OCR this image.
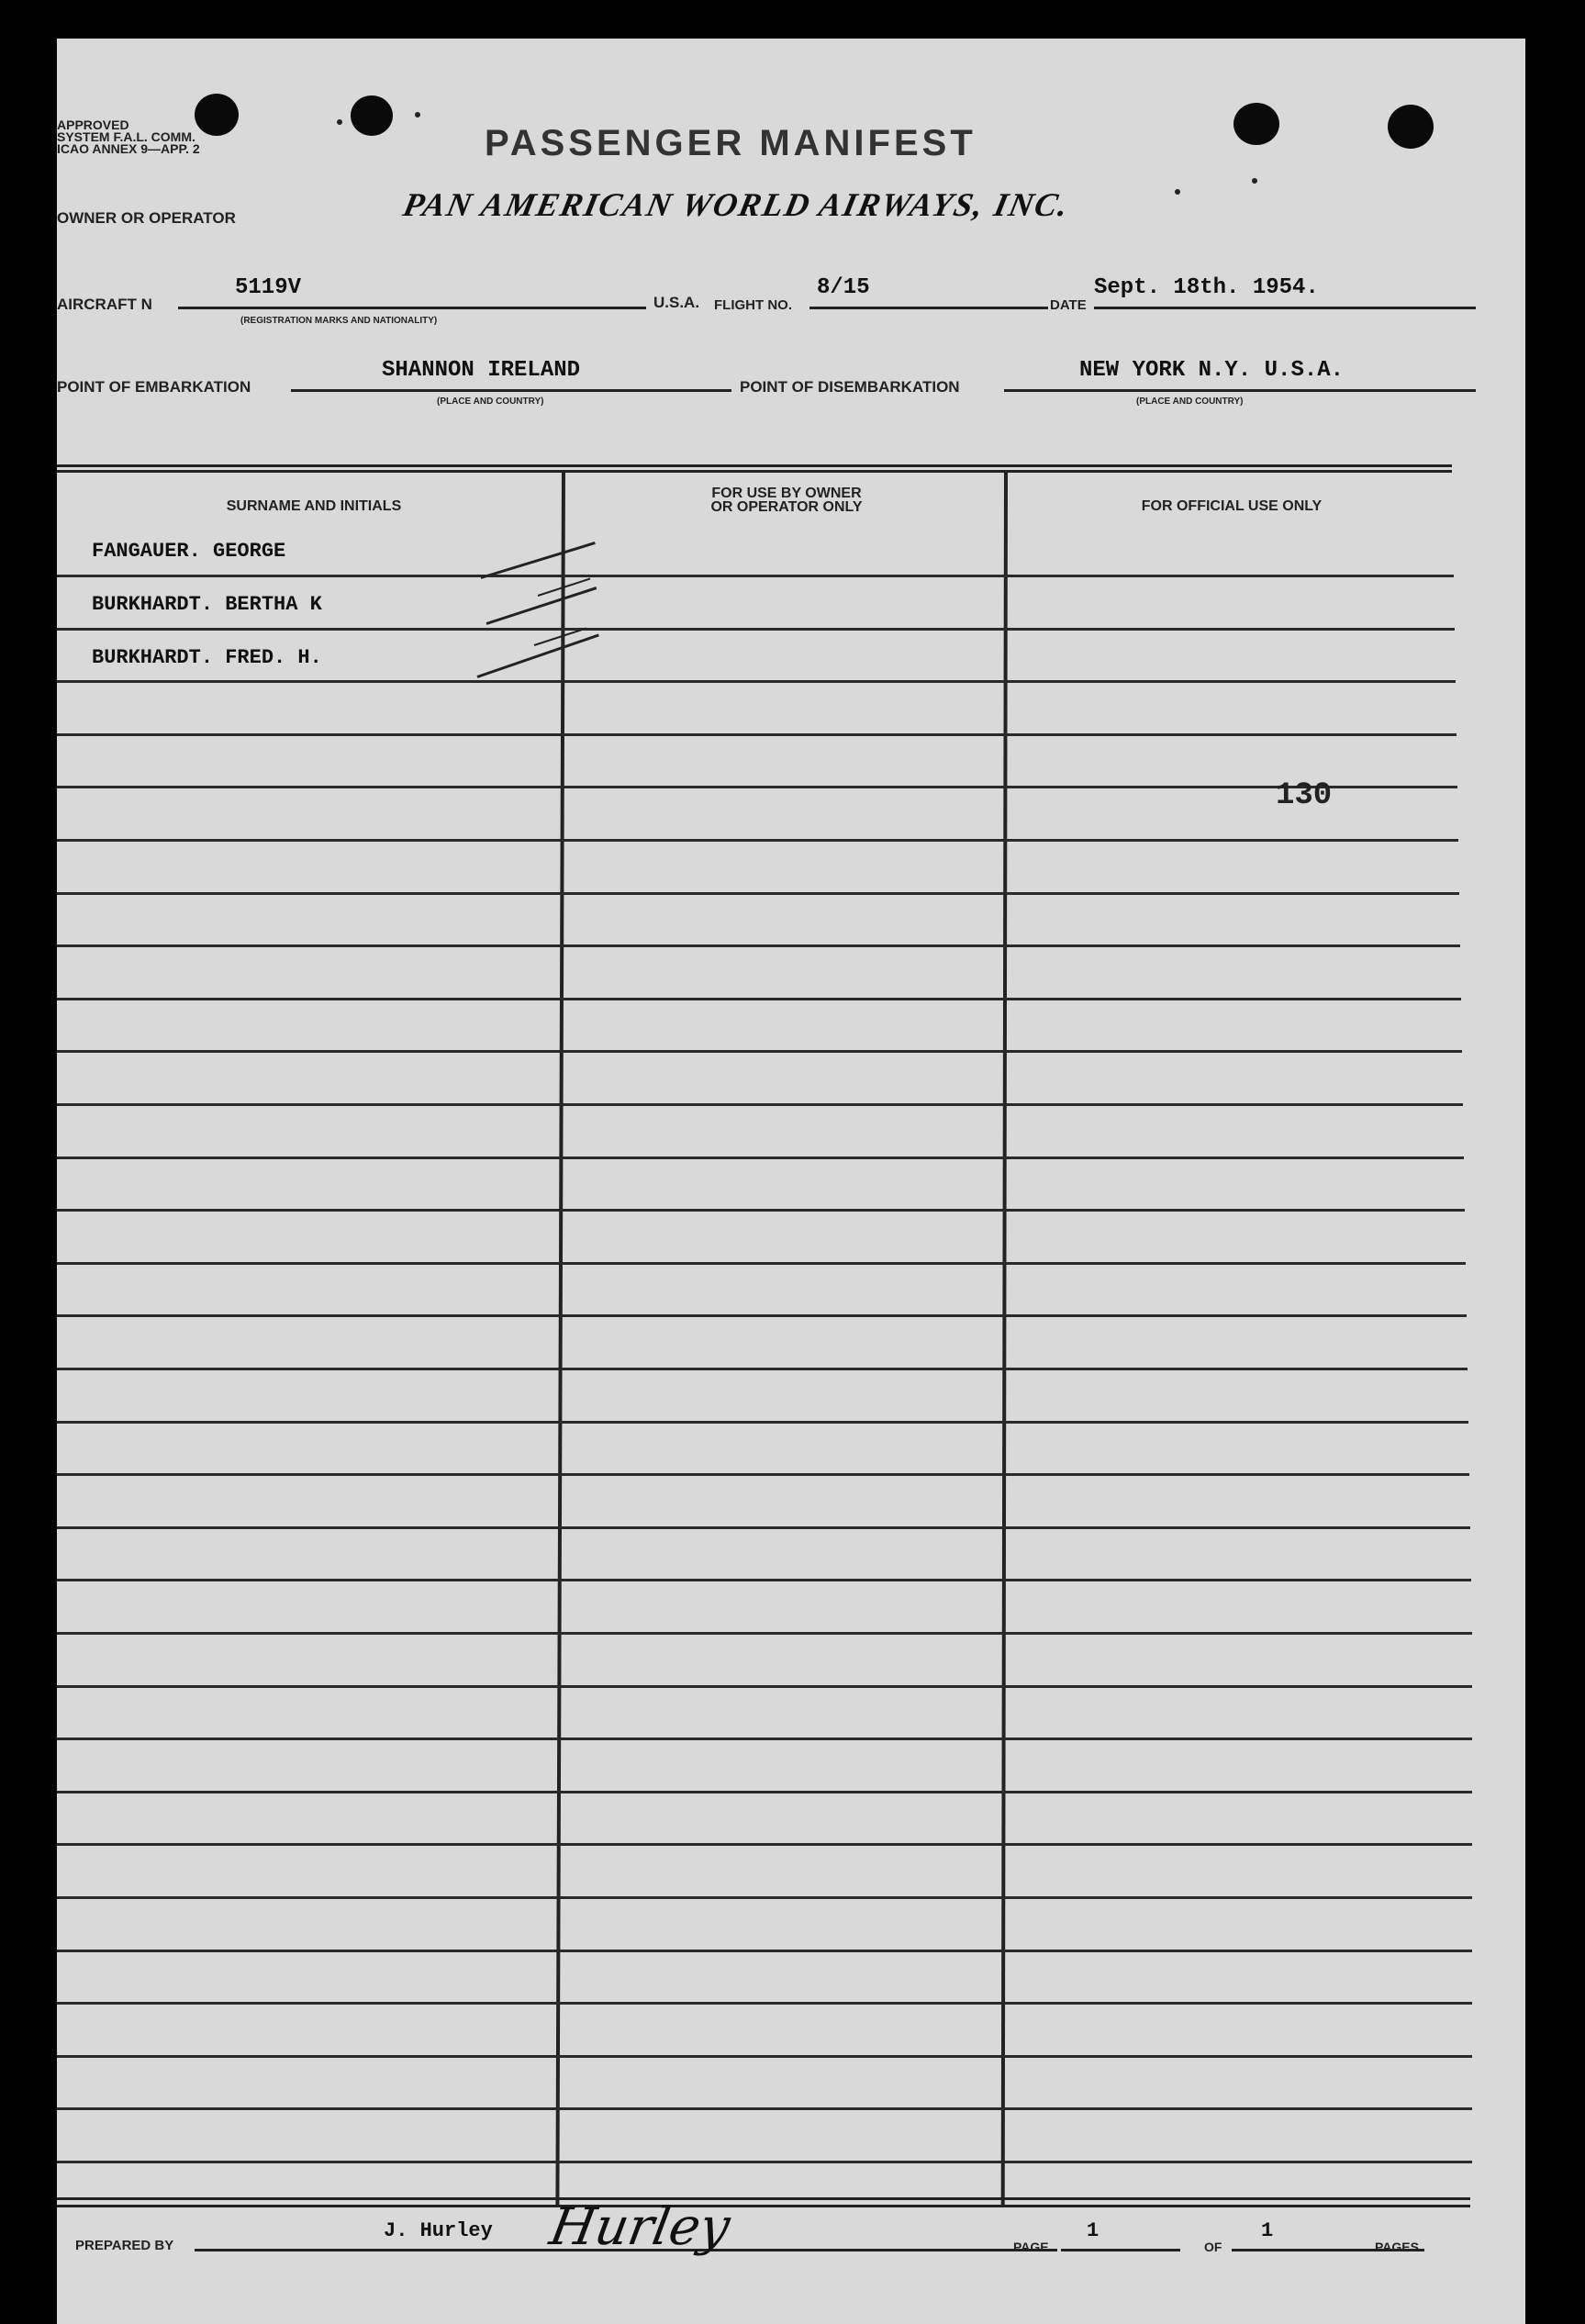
APPROVED
SYSTEM F.A.L. COMM.
ICAO ANNEX 9—APP. 2	PASSENGER MANIFEST
OWNER OR OPERATOR	PAN AMERICAN WORLD AIRWAYS, INC.
AIRCRAFT N
5119V
(REGISTRATION MARKS AND NATIONALITY)
U.S.A. FLIGHT NO.
8/15
DATE
Sept. 18th. 1954.
POINT OF EMBARKATION
SHANNON IRELAND
(PLACE AND COUNTRY)
POINT OF DISEMBARKATION
NEW YORK N.Y. U.S.A.
(PLACE AND COUNTRY)
SURNAME AND INITIALS
FOR USE BY OWNER
OR OPERATOR ONLY	FOR OFFICIAL USE ONLY
FANGAUER. GEORGE
BURKHARDT. BERTHA K
BURKHARDT. FRED. H.
130
PREPARED BY
J. Hurley Hurley	PAGE
1
OF
1
PAGES
